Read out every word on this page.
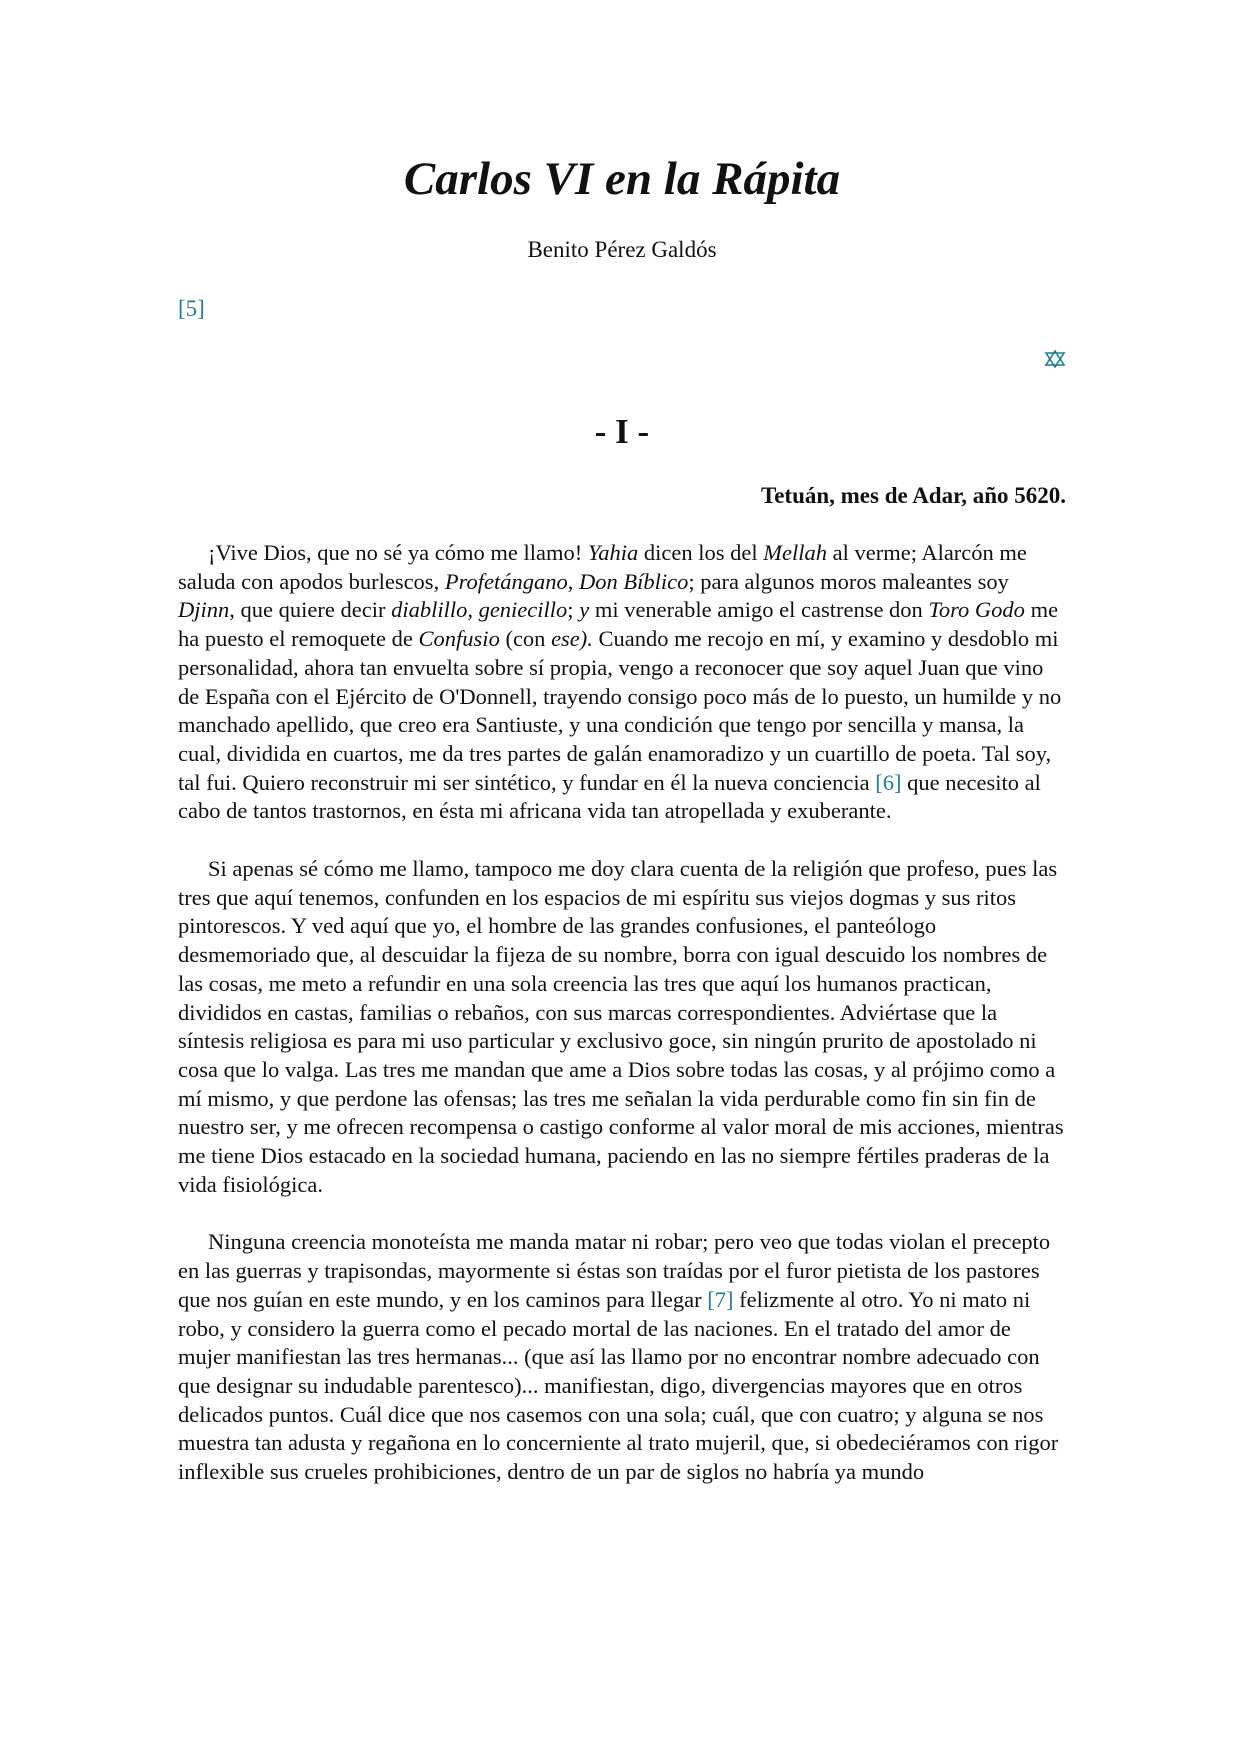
Carlos VI en la Rápita

Benito Pérez Galdós

[5]
- I -

Tetuán, mes de Adar, año 5620.

¡Vive Dios, que no sé ya cómo me llamo! Yahia dicen los del Mellah al verme; Alarcón me saluda con apodos burlescos, Profetángano, Don Bíblico; para algunos moros maleantes soy Djinn, que quiere decir diablillo, geniecillo; y mi venerable amigo el castrense don Toro Godo me ha puesto el remoquete de Confusio (con ese). Cuando me recojo en mí, y examino y desdoblo mi personalidad, ahora tan envuelta sobre sí propia, vengo a reconocer que soy aquel Juan que vino de España con el Ejército de O'Donnell, trayendo consigo poco más de lo puesto, un humilde y no manchado apellido, que creo era Santiuste, y una condición que tengo por sencilla y mansa, la cual, dividida en cuartos, me da tres partes de galán enamoradizo y un cuartillo de poeta. Tal soy, tal fui. Quiero reconstruir mi ser sintético, y fundar en él la nueva conciencia [6] que necesito al cabo de tantos trastornos, en ésta mi africana vida tan atropellada y exuberante.

Si apenas sé cómo me llamo, tampoco me doy clara cuenta de la religión que profeso, pues las tres que aquí tenemos, confunden en los espacios de mi espíritu sus viejos dogmas y sus ritos pintorescos. Y ved aquí que yo, el hombre de las grandes confusiones, el panteólogo desmemoriado que, al descuidar la fijeza de su nombre, borra con igual descuido los nombres de las cosas, me meto a refundir en una sola creencia las tres que aquí los humanos practican, divididos en castas, familias o rebaños, con sus marcas correspondientes. Adviértase que la síntesis religiosa es para mi uso particular y exclusivo goce, sin ningún prurito de apostolado ni cosa que lo valga. Las tres me mandan que ame a Dios sobre todas las cosas, y al prójimo como a mí mismo, y que perdone las ofensas; las tres me señalan la vida perdurable como fin sin fin de nuestro ser, y me ofrecen recompensa o castigo conforme al valor moral de mis acciones, mientras me tiene Dios estacado en la sociedad humana, paciendo en las no siempre fértiles praderas de la vida fisiológica.

Ninguna creencia monoteísta me manda matar ni robar; pero veo que todas violan el precepto en las guerras y trapisondas, mayormente si éstas son traídas por el furor pietista de los pastores que nos guían en este mundo, y en los caminos para llegar [7] felizmente al otro. Yo ni mato ni robo, y considero la guerra como el pecado mortal de las naciones. En el tratado del amor de mujer manifiestan las tres hermanas... (que así las llamo por no encontrar nombre adecuado con que designar su indudable parentesco)... manifiestan, digo, divergencias mayores que en otros delicados puntos. Cuál dice que nos casemos con una sola; cuál, que con cuatro; y alguna se nos muestra tan adusta y regañona en lo concerniente al trato mujeril, que, si obedeciéramos con rigor inflexible sus crueles prohibiciones, dentro de un par de siglos no habría ya mundo
